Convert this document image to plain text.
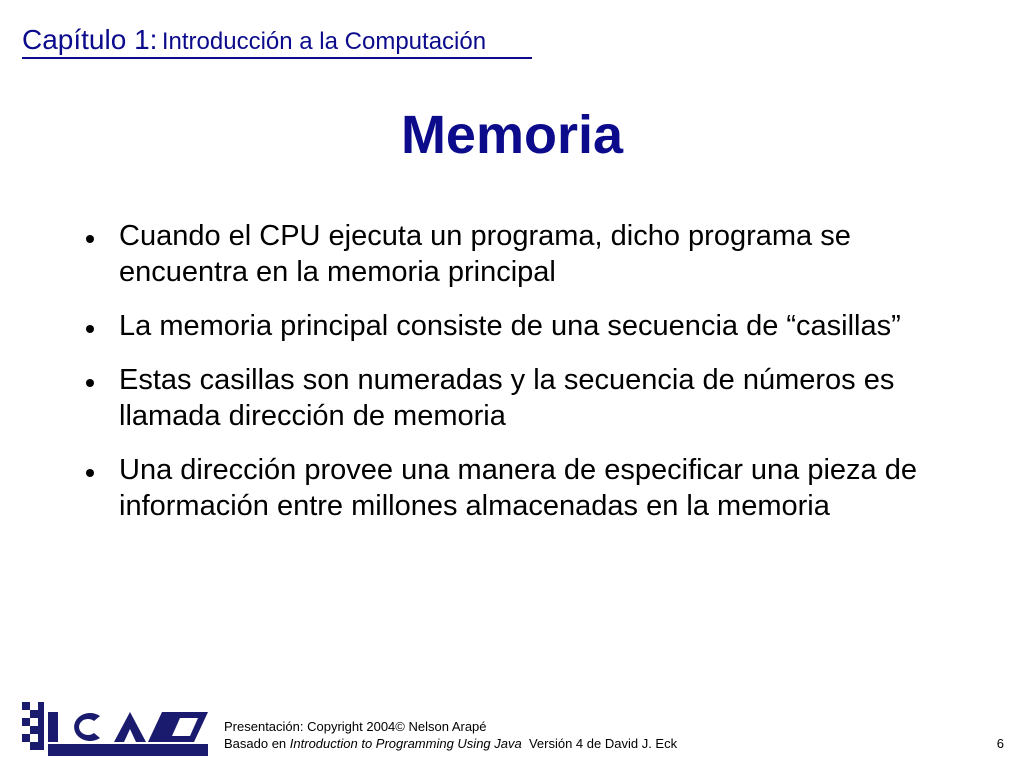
Capítulo 1: Introducción a la Computación
Memoria
Cuando el CPU ejecuta un programa, dicho programa se encuentra en la memoria principal
La memoria principal consiste de una secuencia de “casillas”
Estas casillas son numeradas y la secuencia de números es llamada dirección de memoria
Una dirección provee una manera de especificar una pieza de información entre millones almacenadas en la memoria
Presentación: Copyright 2004© Nelson Arapé
Basado en Introduction to Programming Using Java  Versión 4 de David J. Eck	6
